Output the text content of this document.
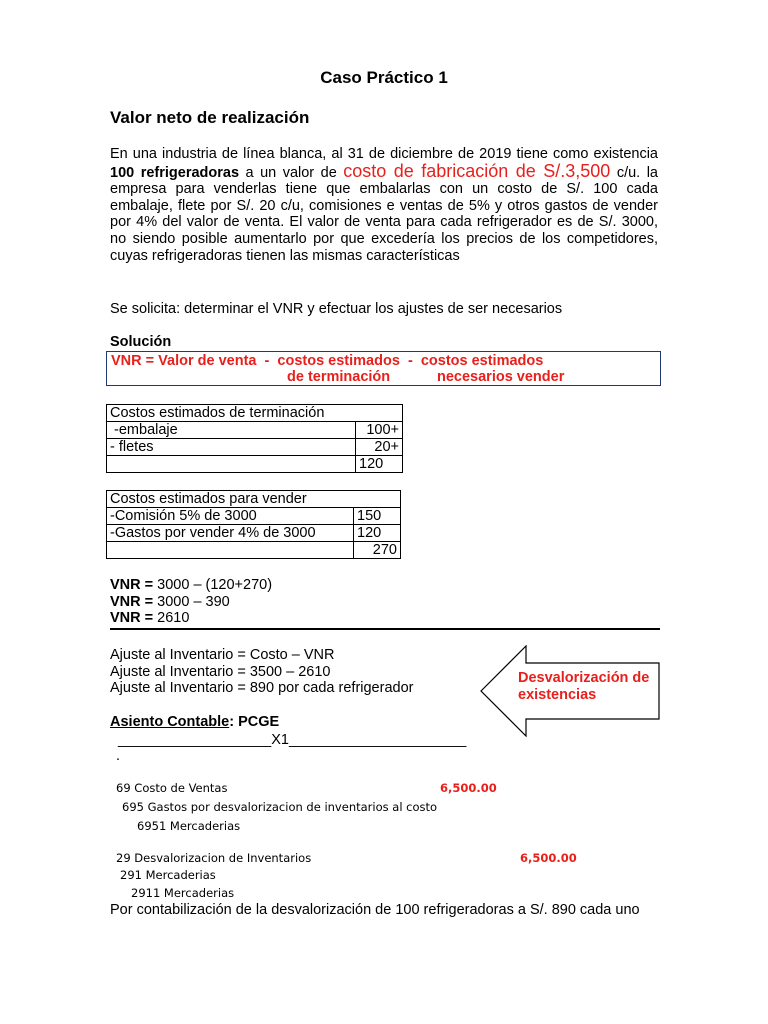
Caso Práctico 1
Valor neto de realización
En una industria de línea blanca, al 31 de diciembre de 2019 tiene como existencia 100 refrigeradoras a un valor de costo de fabricación de S/.3,500 c/u. la empresa para venderlas tiene que embalarlas con un costo de S/. 100 cada embalaje, flete por S/. 20 c/u, comisiones e ventas de 5% y otros gastos de vender por 4% del valor de venta. El valor de venta para cada refrigerador es de S/. 3000, no siendo posible aumentarlo por que excedería los precios de los competidores, cuyas refrigeradoras tienen las mismas características
Se solicita: determinar el VNR y efectuar los ajustes de ser necesarios
Solución
VNR = Valor de venta  -  costos estimados  -  costos estimados
de terminación	necesarios vender
Costos estimados de terminación	
-embalaje	100+
- fletes	20+
	120
Costos estimados para vender	
-Comisión 5% de 3000	150
-Gastos por vender 4% de 3000	120
	270
VNR = 3000 – (120+270)
VNR = 3000 – 390
VNR = 2610
Ajuste al Inventario = Costo – VNR
Ajuste al Inventario = 3500 – 2610
Ajuste al Inventario = 890 por cada refrigerador
Desvalorización de
existencias
Asiento Contable: PCGE
___________________X1______________________
.
69 Costo de Ventas	6,500.00
695 Gastos por desvalorizacion de inventarios al costo
6951 Mercaderias
29 Desvalorizacion de Inventarios	6,500.00
291 Mercaderias
2911 Mercaderias
Por contabilización de la desvalorización de 100 refrigeradoras a S/. 890 cada uno
